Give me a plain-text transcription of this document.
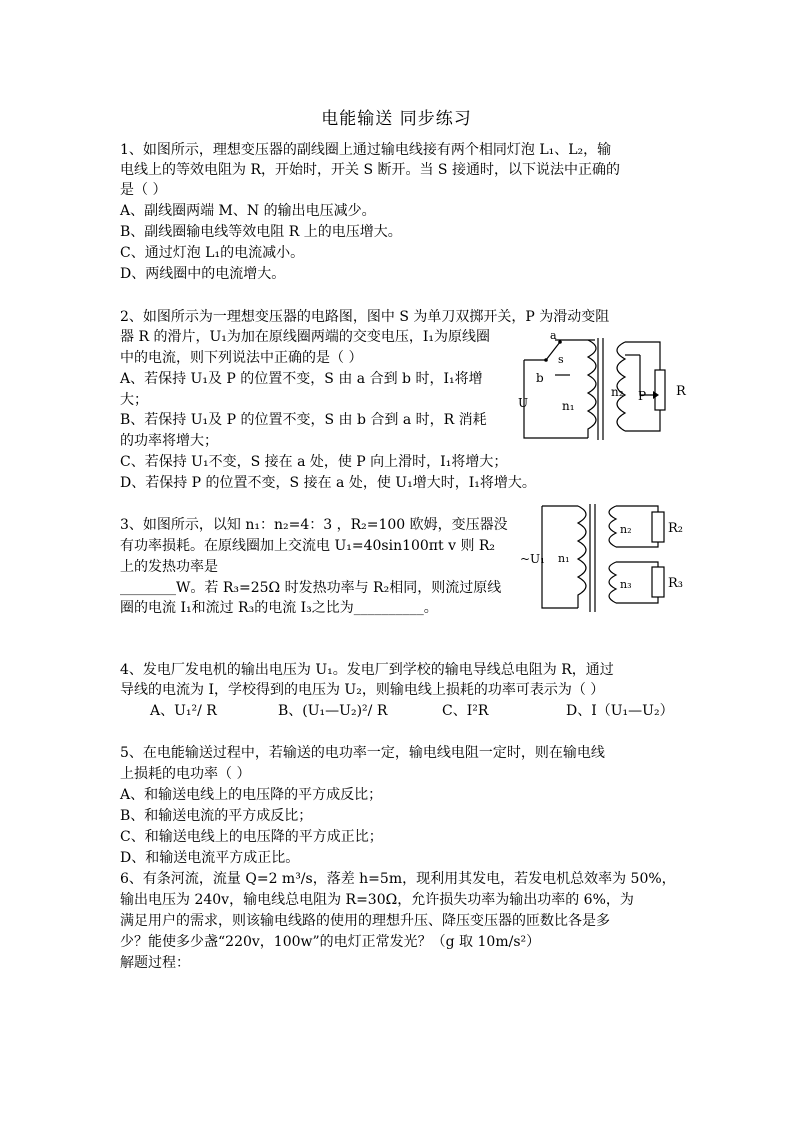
电能输送 同步练习
1、如图所示，理想变压器的副线圈上通过输电线接有两个相同灯泡 L₁、L₂，输
电线上的等效电阻为 R，开始时，开关 S 断开。当 S 接通时，以下说法中正确的
是（ ）
A、副线圈两端 M、N 的输出电压减少。
B、副线圈输电线等效电阻 R 上的电压增大。
C、通过灯泡 L₁的电流减小。
D、两线圈中的电流增大。
2、如图所示为一理想变压器的电路图，图中 S 为单刀双掷开关，P 为滑动变阻
器 R 的滑片，U₁为加在原线圈两端的交变电压，I₁为原线圈
中的电流，则下列说法中正确的是（ ）
A、若保持 U₁及 P 的位置不变，S 由 a 合到 b 时，I₁将增
大；
B、若保持 U₁及 P 的位置不变，S 由 b 合到 a 时，R 消耗
的功率将增大；
C、若保持 U₁不变，S 接在 a 处，使 P 向上滑时，I₁将增大；
D、若保持 P 的位置不变，S 接在 a 处，使 U₁增大时，I₁将增大。
a
s
b
U	n₁
n₂ P R
3、如图所示，以知 n₁：n₂=4：3 ，R₂=100 欧姆，变压器没
有功率损耗。在原线圈加上交流电 U₁=40sin100πt v 则 R₂
上的发热功率是
________W。若 R₃=25Ω 时发热功率与 R₂相同，则流过原线
圈的电流 I₁和流过 R₃的电流 I₃之比为__________。
~U₁ n₁
n₂
n₃
R₂
R₃
4、发电厂发电机的输出电压为 U₁。发电厂到学校的输电导线总电阻为 R，通过
导线的电流为 I，学校得到的电压为 U₂，则输电线上损耗的功率可表示为（ ）
A、U₁²/ R	B、(U₁—U₂)²/ R	C、I²R	D、I（U₁—U₂）
5、在电能输送过程中，若输送的电功率一定，输电线电阻一定时，则在输电线
上损耗的电功率（ ）
A、和输送电线上的电压降的平方成反比；
B、和输送电流的平方成反比；
C、和输送电线上的电压降的平方成正比；
D、和输送电流平方成正比。
6、有条河流，流量 Q=2 m³/s，落差 h=5m，现利用其发电，若发电机总效率为 50%，
输出电压为 240v，输电线总电阻为 R=30Ω，允许损失功率为输出功率的 6%，为
满足用户的需求，则该输电线路的使用的理想升压、降压变压器的匝数比各是多
少？能使多少盏“220v，100w”的电灯正常发光？（g 取 10m/s²）
解题过程：
